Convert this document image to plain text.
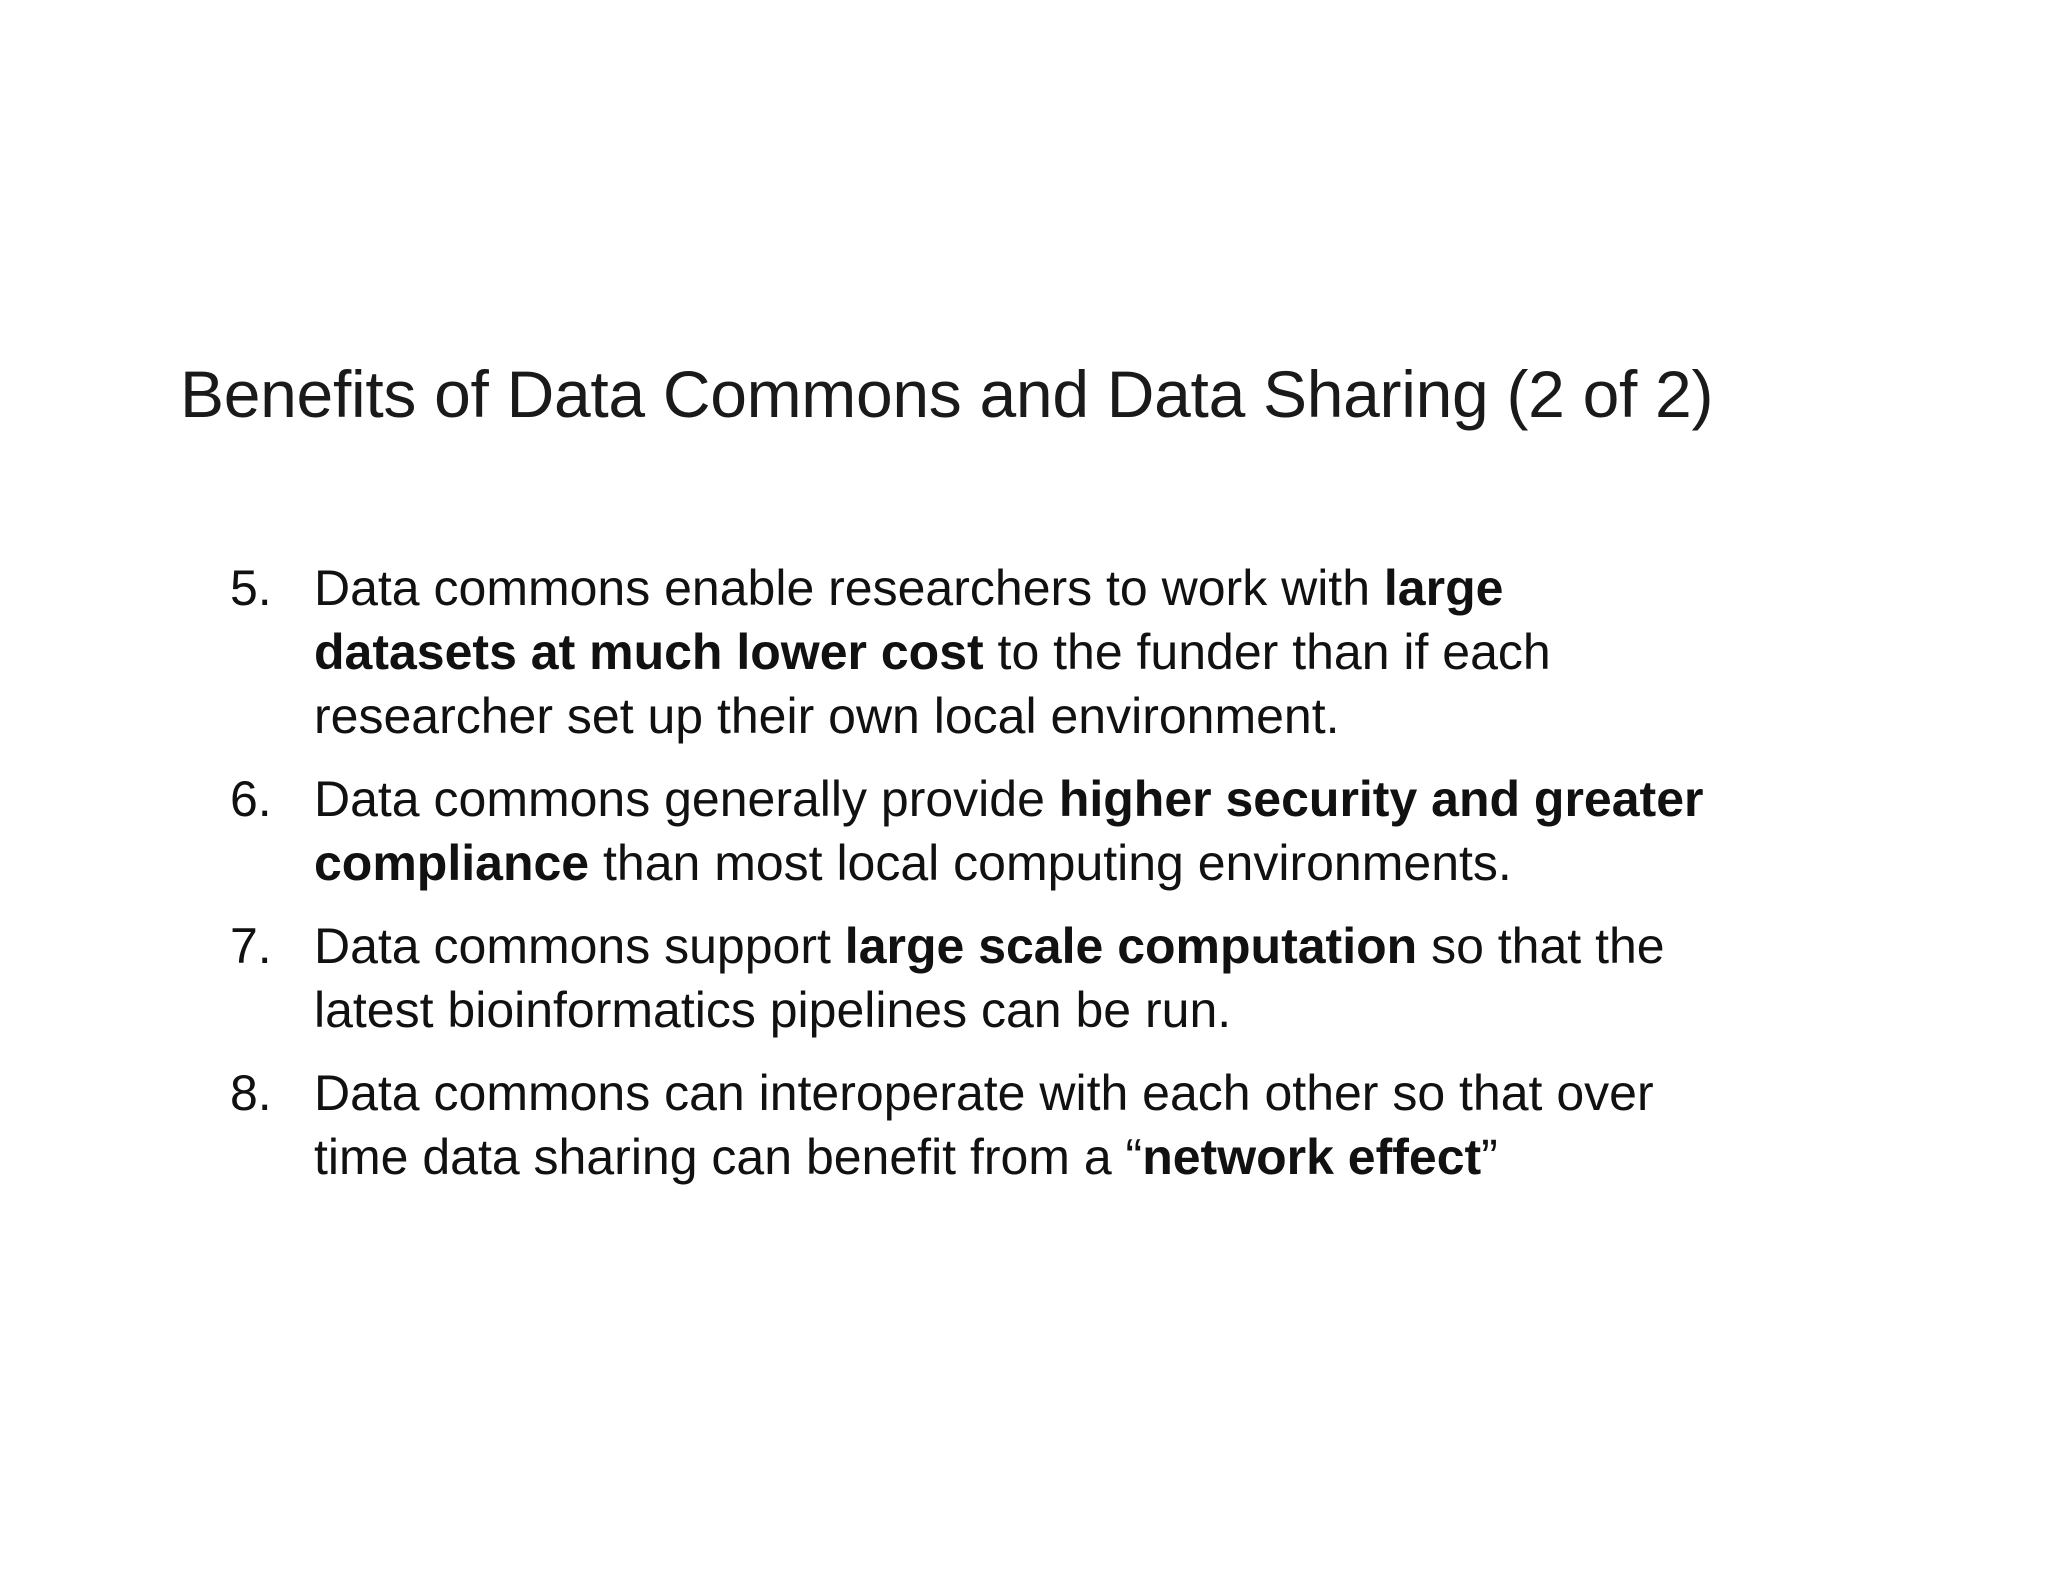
Benefits of Data Commons and Data Sharing (2 of 2)
5. Data commons enable researchers to work with large
datasets at much lower cost to the funder than if each
researcher set up their own local environment.
6. Data commons generally provide higher security and greater
compliance than most local computing environments.
7. Data commons support large scale computation so that the
latest bioinformatics pipelines can be run.
8. Data commons can interoperate with each other so that over
time data sharing can benefit from a “network effect”
